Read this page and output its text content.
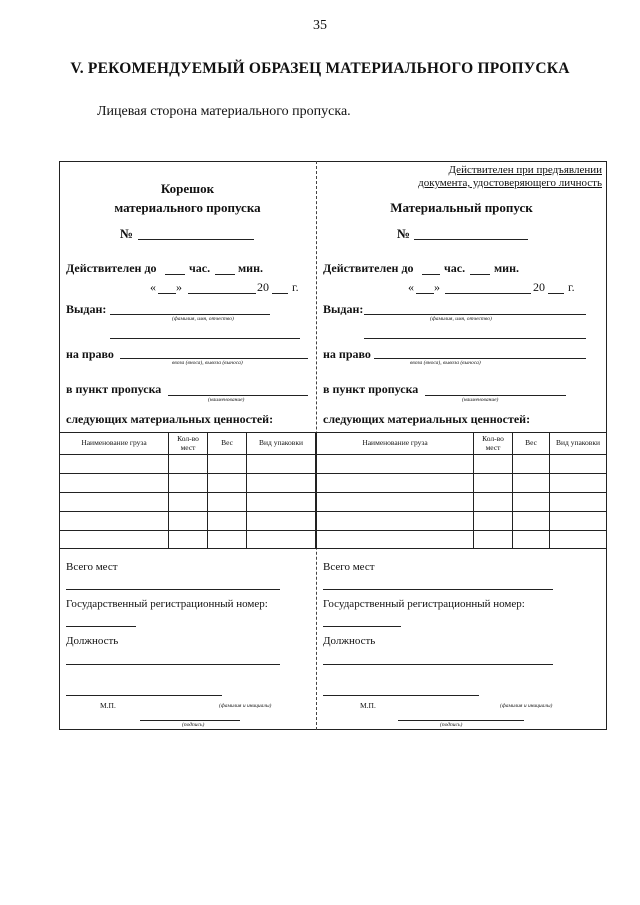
35
V. РЕКОМЕНДУЕМЫЙ ОБРАЗЕЦ МАТЕРИАЛЬНОГО ПРОПУСКА
Лицевая сторона материального пропуска.
Корешок
материального пропуска
№
Действителен до	час. мин.
« »	20 г.
Выдан:
(фамилия, имя, отчество)
на право
ввоза (вноса), вывоза (выноса)
в пункт пропуска
(наименование)
следующих материальных ценностей:
Наименование груза	Кол-во мест	Вес	Вид упаковки

Всего мест
Государственный регистрационный номер:
Должность
М.П.	(фамилия и инициалы)
(подпись)
Действителен при предъявлении
документа, удостоверяющего личность
Материальный пропуск
№
Действителен до	час. мин.
« »	20 г.
Выдан:
(фамилия, имя, отчество)
на право
ввоза (вноса), вывоза (выноса)
в пункт пропуска
(наименование)
следующих материальных ценностей:
Наименование груза	Кол-во мест	Вес	Вид упаковки

Всего мест
Государственный регистрационный номер:
Должность
М.П.	(фамилия и инициалы)
(подпись)
